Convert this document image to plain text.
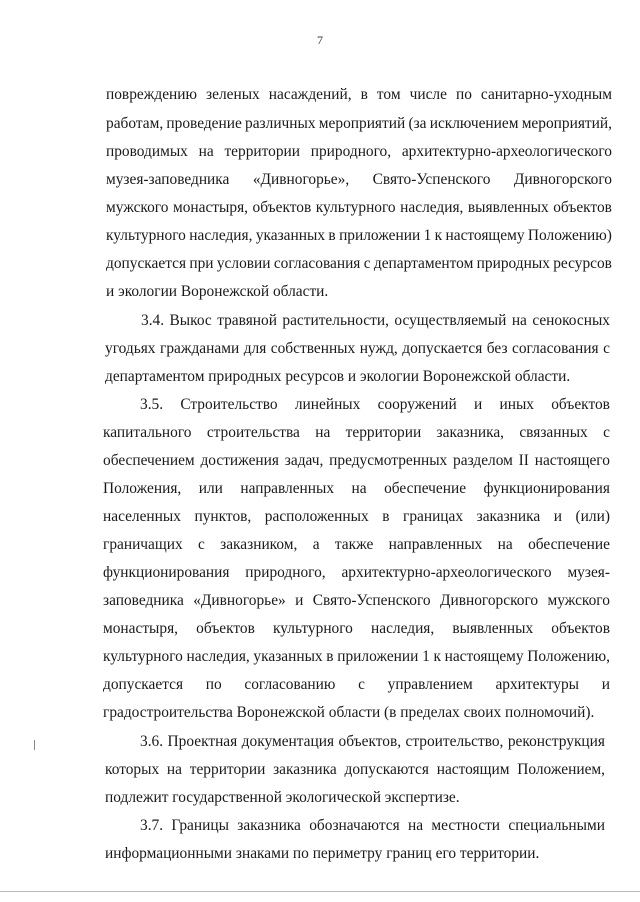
7
повреждению зеленых насаждений, в том числе по санитарно-уходным
работам, проведение различных мероприятий (за исключением мероприятий,
проводимых на территории природного, архитектурно-археологического
музея-заповедника «Дивногорье», Свято-Успенского Дивногорского
мужского монастыря, объектов культурного наследия, выявленных объектов
культурного наследия, указанных в приложении 1 к настоящему Положению)
допускается при условии согласования с департаментом природных ресурсов
и экологии Воронежской области.
3.4. Выкос травяной растительности, осуществляемый на сенокосных
угодьях гражданами для собственных нужд, допускается без согласования с
департаментом природных ресурсов и экологии Воронежской области.
3.5. Строительство линейных сооружений и иных объектов
капитального строительства на территории заказника, связанных с
обеспечением достижения задач, предусмотренных разделом II настоящего
Положения, или направленных на обеспечение функционирования
населенных пунктов, расположенных в границах заказника и (или)
граничащих с заказником, а также направленных на обеспечение
функционирования природного, архитектурно-археологического музея-
заповедника «Дивногорье» и Свято-Успенского Дивногорского мужского
монастыря, объектов культурного наследия, выявленных объектов
культурного наследия, указанных в приложении 1 к настоящему Положению,
допускается по согласованию с управлением архитектуры и
градостроительства Воронежской области (в пределах своих полномочий).
3.6. Проектная документация объектов, строительство, реконструкция
которых на территории заказника допускаются настоящим Положением,
подлежит государственной экологической экспертизе.
3.7. Границы заказника обозначаются на местности специальными
информационными знаками по периметру границ его территории.
